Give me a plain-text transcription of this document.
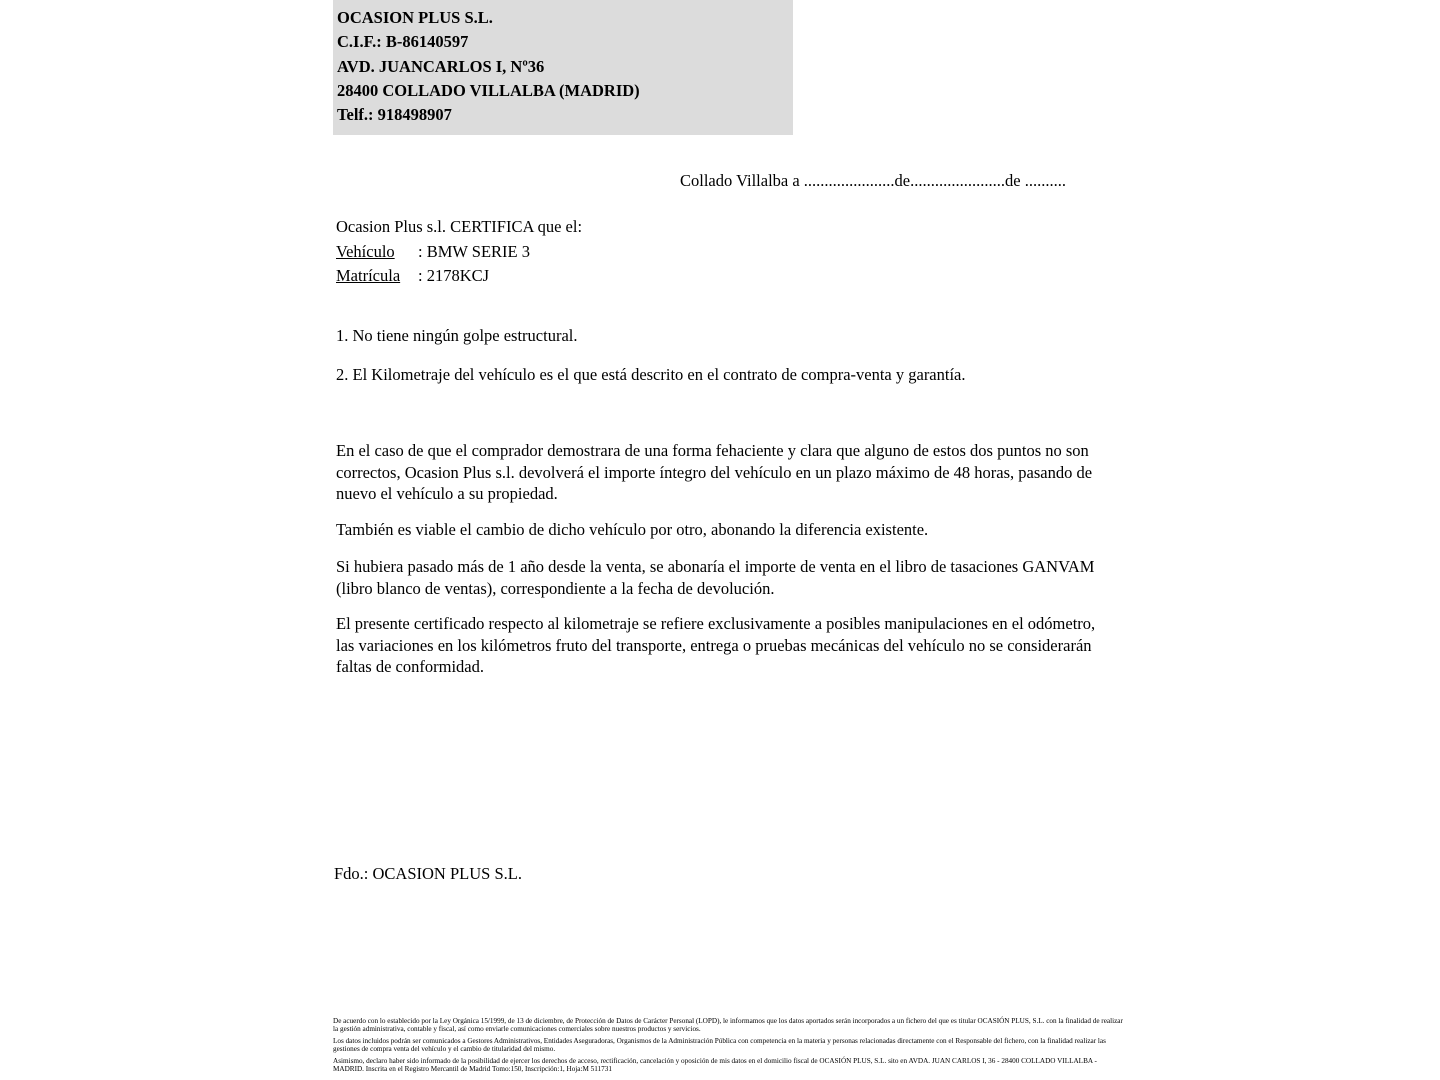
OCASION PLUS S.L.
C.I.F.: B-86140597
AVD. JUANCARLOS I, Nº36
28400 COLLADO VILLALBA (MADRID)
Telf.: 918498907
Collado Villalba a ......................de.......................de ..........
Ocasion Plus s.l. CERTIFICA que el:
Vehículo : BMW SERIE 3
Matrícula : 2178KCJ
1. No tiene ningún golpe estructural.
2. El Kilometraje del vehículo es el que está descrito en el contrato de compra-venta y garantía.
En el caso de que el comprador demostrara de una forma fehaciente y clara que alguno de estos dos puntos no son correctos, Ocasion Plus s.l. devolverá el importe íntegro del vehículo en un plazo máximo de 48 horas, pasando de nuevo el vehículo a su propiedad.
También es viable el cambio de dicho vehículo por otro, abonando la diferencia existente.
Si hubiera pasado más de 1 año desde la venta, se abonaría el importe de venta en el libro de tasaciones GANVAM (libro blanco de ventas), correspondiente a la fecha de devolución.
El presente certificado respecto al kilometraje se refiere exclusivamente a posibles manipulaciones en el odómetro, las variaciones en los kilómetros fruto del transporte, entrega o pruebas mecánicas del vehículo no se considerarán faltas de conformidad.
Fdo.: OCASION PLUS S.L.

De acuerdo con lo establecido por la Ley Orgánica 15/1999, de 13 de diciembre, de Protección de Datos de Carácter Personal (LOPD), le informamos que los datos aportados serán incorporados a un fichero del que es titular OCASIÓN PLUS, S.L. con la finalidad de realizar la gestión administrativa, contable y fiscal, así como enviarle comunicaciones comerciales sobre nuestros productos y servicios.

Los datos incluidos podrán ser comunicados a Gestores Administrativos, Entidades Aseguradoras, Organismos de la Administración Pública con competencia en la materia y personas relacionadas directamente con el Responsable del fichero, con la finalidad realizar las gestiones de compra venta del vehículo y el cambio de titularidad del mismo.

Asimismo, declaro haber sido informado de la posibilidad de ejercer los derechos de acceso, rectificación, cancelación y oposición de mis datos en el domicilio fiscal de OCASIÓN PLUS, S.L. sito en AVDA. JUAN CARLOS I, 36 - 28400 COLLADO VILLALBA - MADRID. Inscrita en el Registro Mercantil de Madrid Tomo:150, Inscripción:1, Hoja:M 511731
